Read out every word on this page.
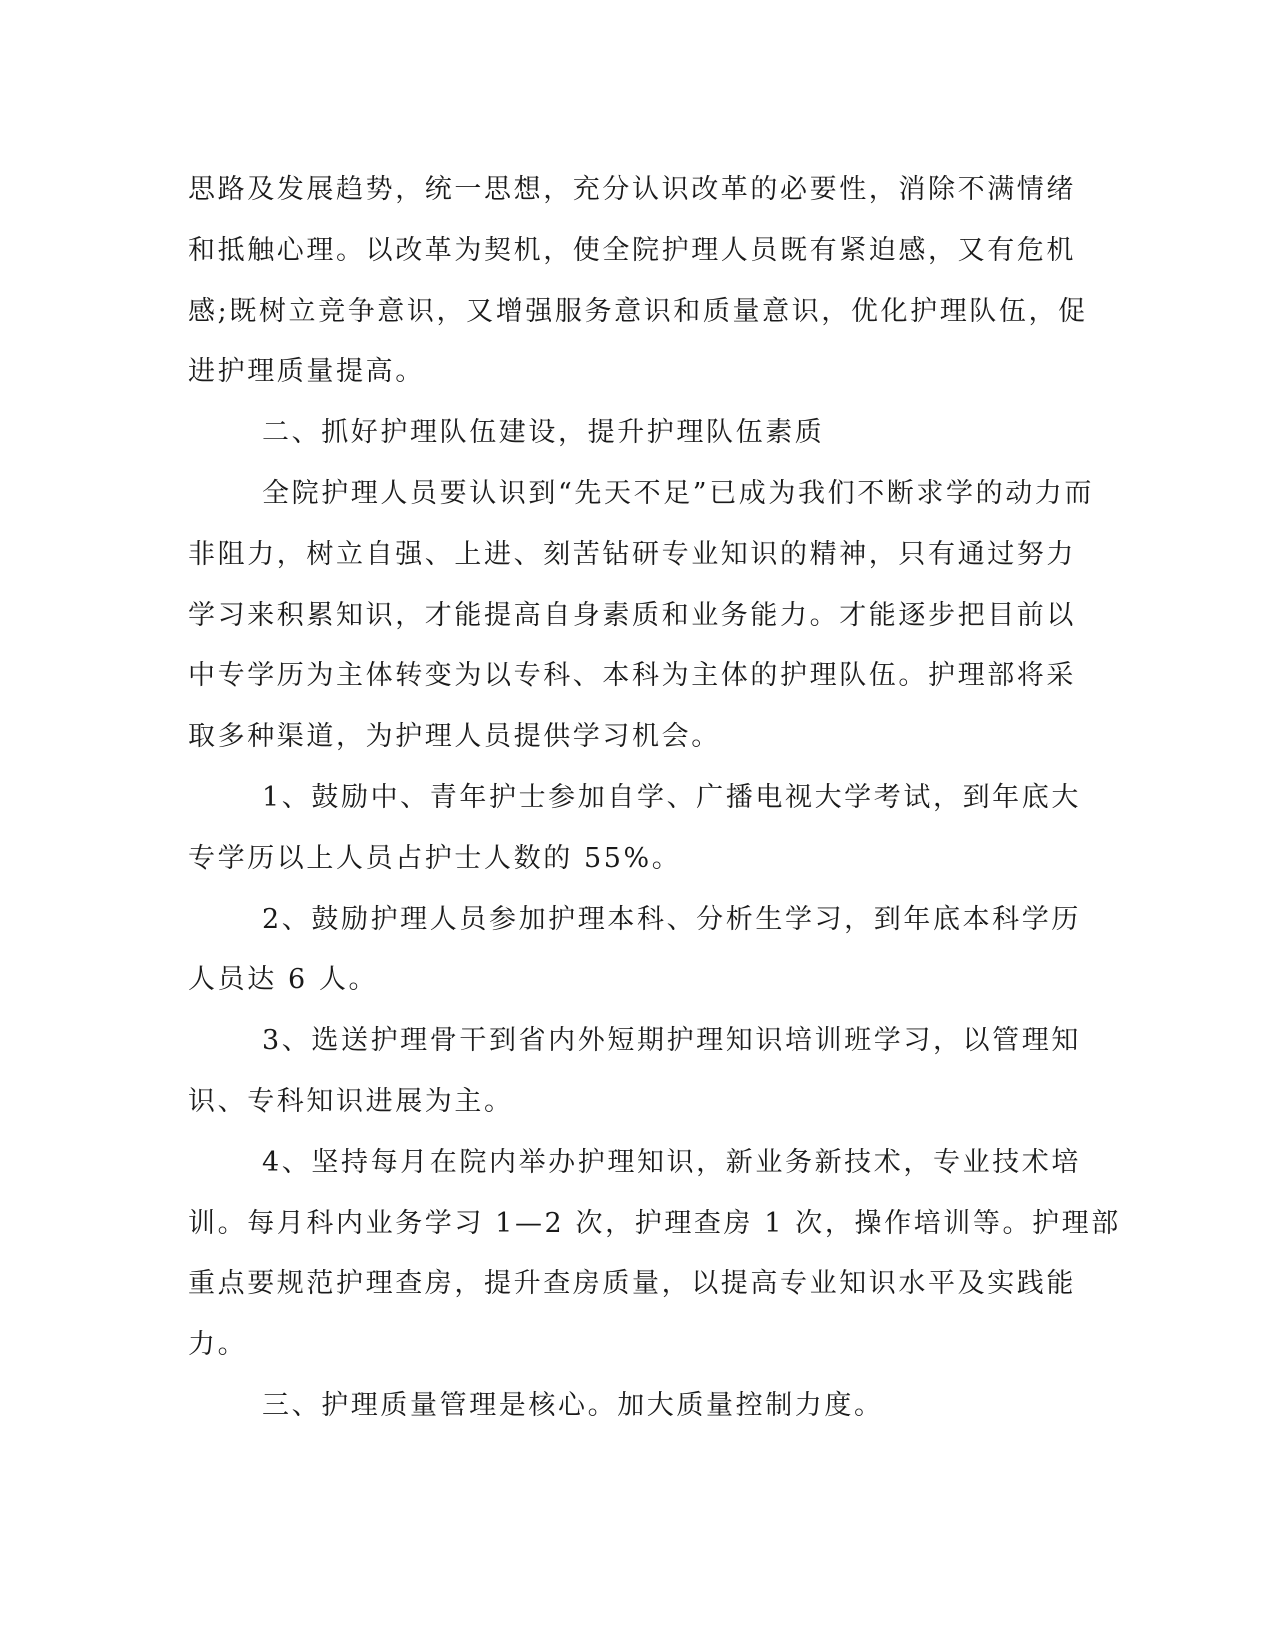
思路及发展趋势，统一思想，充分认识改革的必要性，消除不满情绪
和抵触心理。以改革为契机，使全院护理人员既有紧迫感，又有危机
感;既树立竞争意识，又增强服务意识和质量意识，优化护理队伍，促
进护理质量提高。
二、抓好护理队伍建设，提升护理队伍素质
全院护理人员要认识到“先天不足”已成为我们不断求学的动力而
非阻力，树立自强、上进、刻苦钻研专业知识的精神，只有通过努力
学习来积累知识，才能提高自身素质和业务能力。才能逐步把目前以
中专学历为主体转变为以专科、本科为主体的护理队伍。护理部将采
取多种渠道，为护理人员提供学习机会。
1、鼓励中、青年护士参加自学、广播电视大学考试，到年底大
专学历以上人员占护士人数的 55%。
2、鼓励护理人员参加护理本科、分析生学习，到年底本科学历
人员达 6 人。
3、选送护理骨干到省内外短期护理知识培训班学习，以管理知
识、专科知识进展为主。
4、坚持每月在院内举办护理知识，新业务新技术，专业技术培
训。每月科内业务学习 1—2 次，护理查房 1 次，操作培训等。护理部
重点要规范护理查房，提升查房质量，以提高专业知识水平及实践能
力。
三、护理质量管理是核心。加大质量控制力度。
